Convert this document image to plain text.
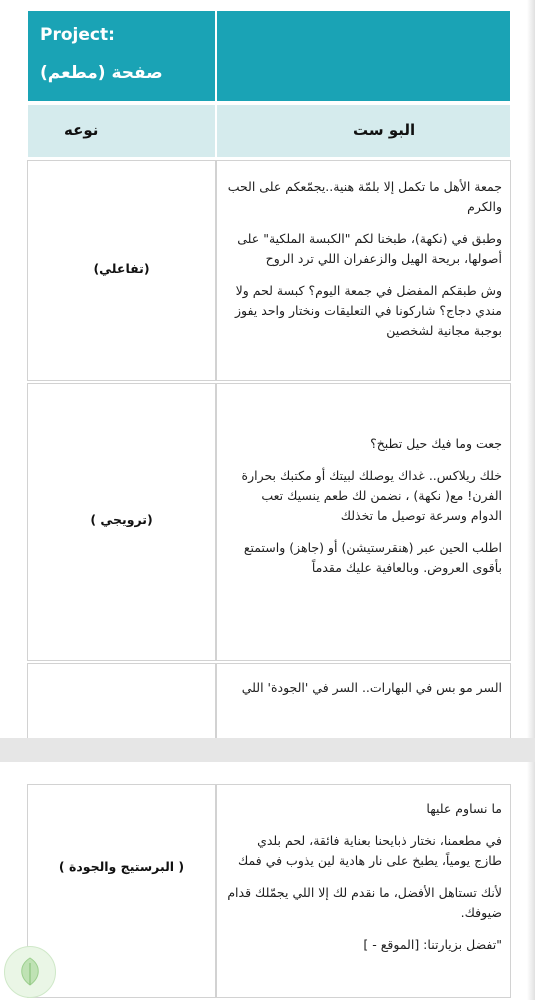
Project:
صفحة (مطعم)
نوعه	البو ست
(تفاعلي)

جمعة الأهل ما تكمل إلا بلمّة هنية..يجمّعكم على الحب والكرم

وطبق في (نكهة)، طبخنا لكم "الكبسة الملكية" على أصولها، بريحة الهيل والزعفران اللي ترد الروح

وش طبقكم المفضل في جمعة اليوم؟ كبسة لحم ولا مندي دجاج؟ شاركونا في التعليقات ونختار واحد يفوز بوجبة مجانية لشخصين

(ترويجي )

جعت وما فيك حيل تطبخ؟

خلك ريلاكس.. غداك يوصلك لبيتك أو مكتبك بحرارة الفرن! مع( نكهة) ، نضمن لك طعم ينسيك تعب الدوام وسرعة توصيل ما تخذلك

اطلب الحين عبر (هنقرستيشن) أو (جاهز) واستمتع بأقوى العروض. وبالعافية عليك مقدماً

السر مو بس في البهارات.. السر في 'الجودة' اللي

( البرستيج والجودة )

ما نساوم عليها

في مطعمنا، نختار ذبايحنا بعناية فائقة، لحم بلدي طازج يومياً، يطبخ على نار هادية لين يذوب في فمك

لأنك تستاهل الأفضل، ما نقدم لك إلا اللي يجمّلك قدام ضيوفك.

"تفضل بزيارتنا: [الموقع - ]
